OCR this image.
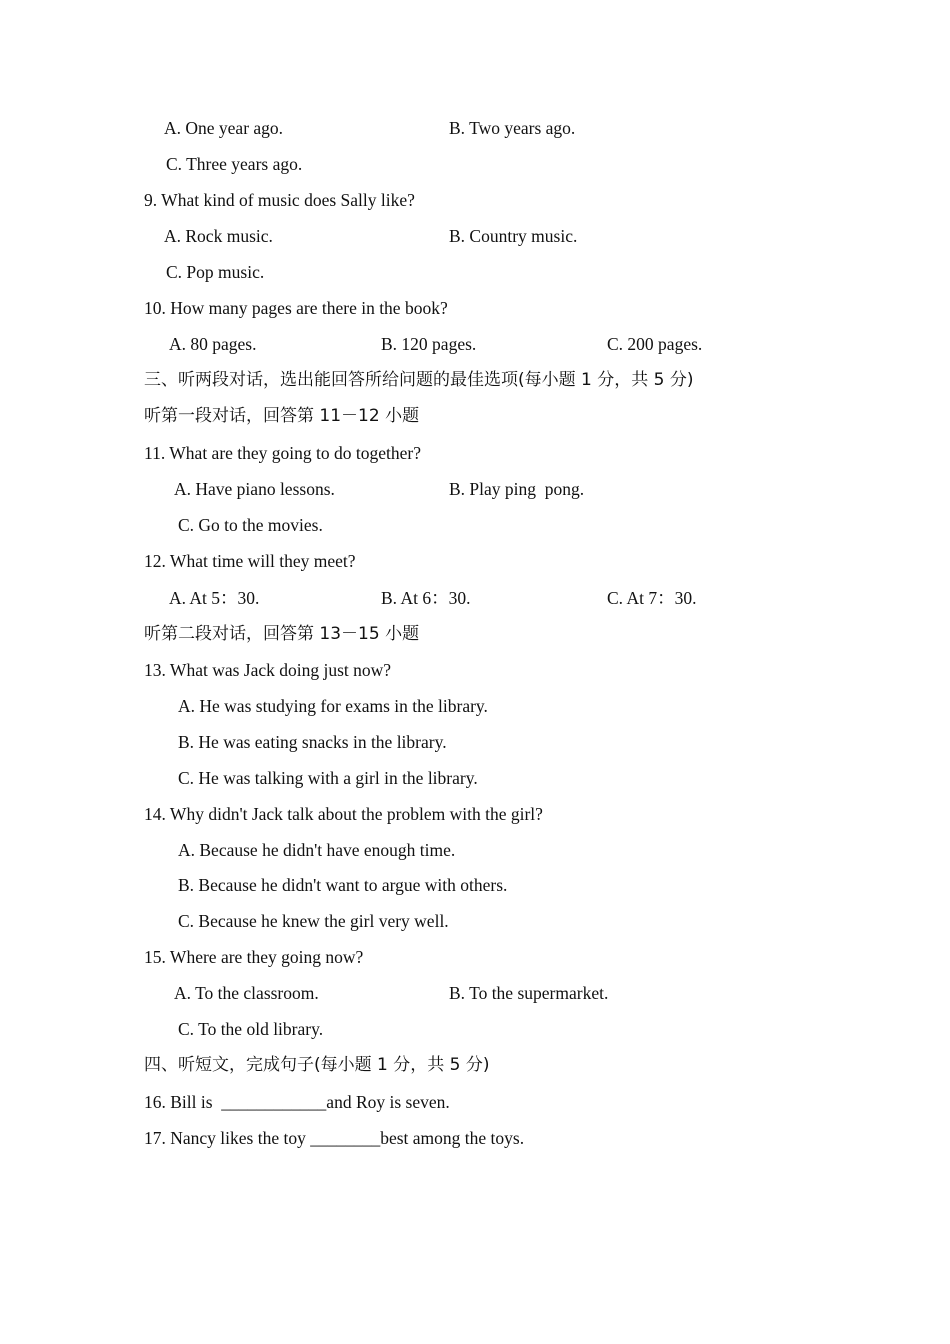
A. One year ago.	B. Two years ago.
C. Three years ago.
9. What kind of music does Sally like?
A. Rock music.	B. Country music.
C. Pop music.
10. How many pages are there in the book?
A. 80 pages.	B. 120 pages.	C. 200 pages.
三、听两段对话，选出能回答所给问题的最佳选项(每小题 1 分，共 5 分)
听第一段对话，回答第 11－12 小题
11. What are they going to do together?
A. Have piano lessons.	B. Play ping  pong.
C. Go to the movies.
12. What time will they meet?
A. At 5：30.	B. At 6：30.	C. At 7：30.
听第二段对话，回答第 13－15 小题
13. What was Jack doing just now?
A. He was studying for exams in the library.
B. He was eating snacks in the library.
C. He was talking with a girl in the library.
14. Why didn't Jack talk about the problem with the girl?
A. Because he didn't have enough time.
B. Because he didn't want to argue with others.
C. Because he knew the girl very well.
15. Where are they going now?
A. To the classroom.	B. To the supermarket.
C. To the old library.
四、听短文，完成句子(每小题 1 分，共 5 分)
16. Bill is  ____________and Roy is seven.
17. Nancy likes the toy ________best among the toys.
